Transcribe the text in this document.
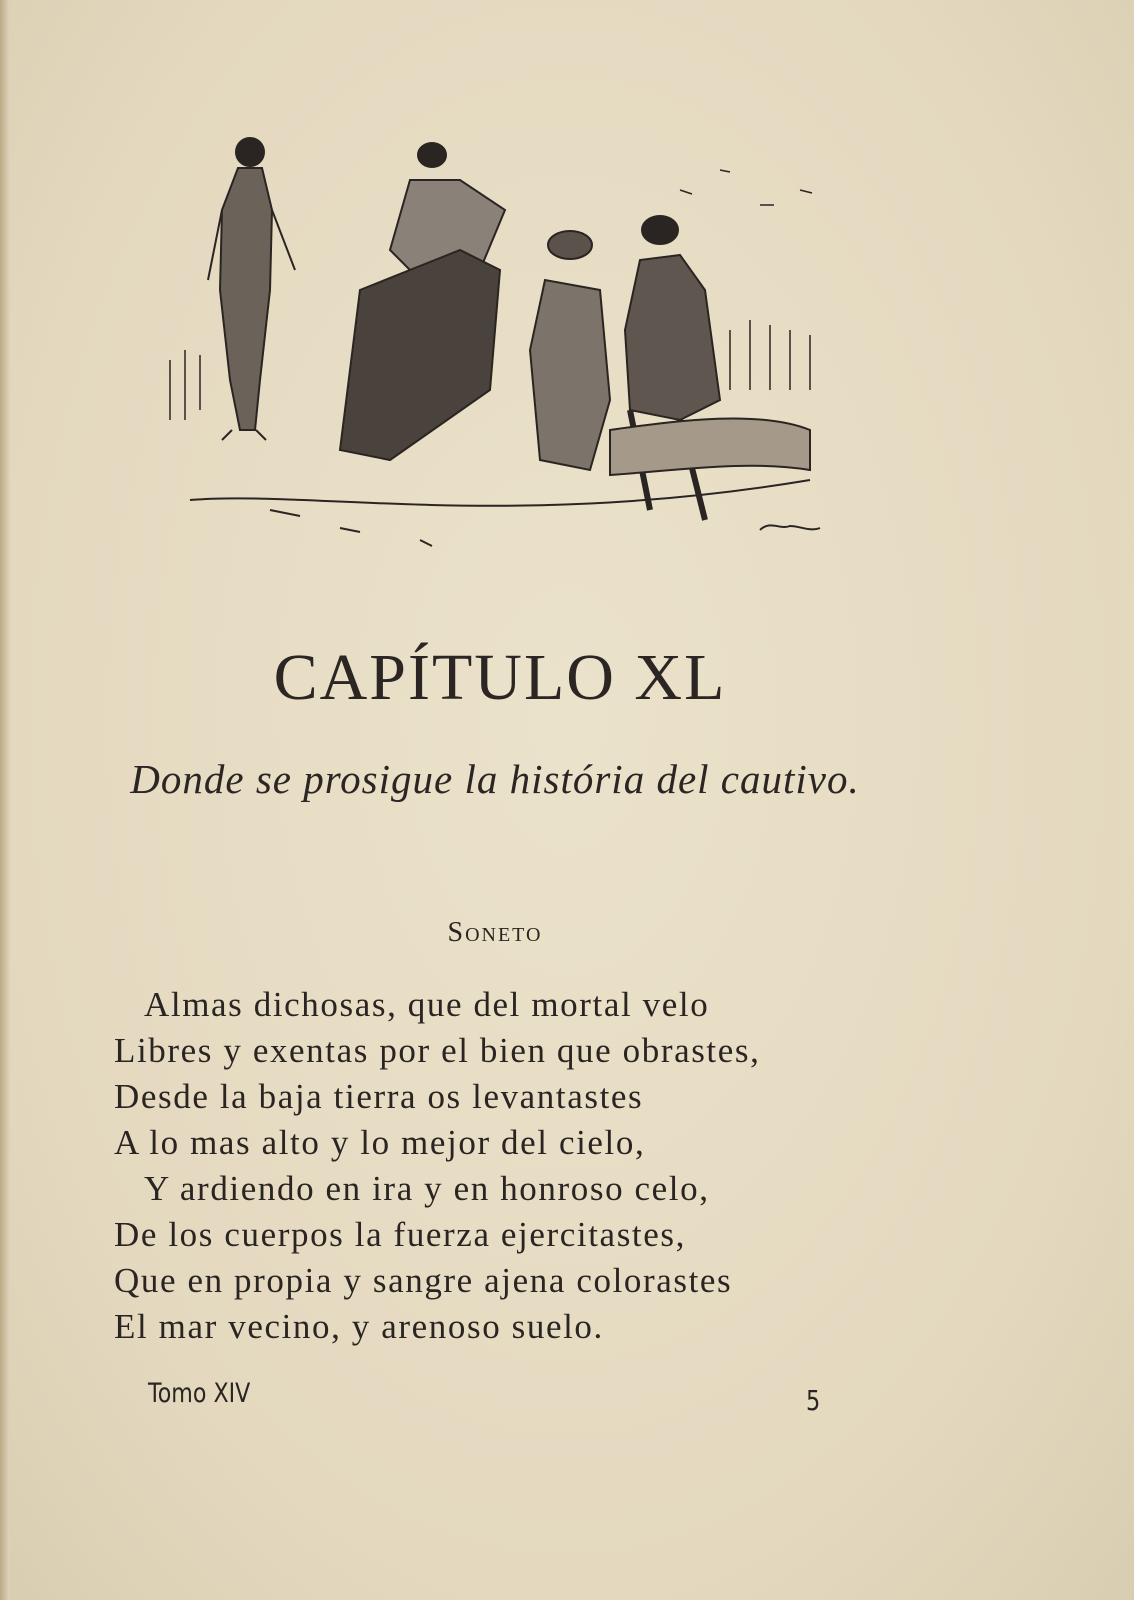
CAPÍTULO XL
Donde se prosigue la história del cautivo.
Soneto
Almas dichosas, que del mortal velo
Libres y exentas por el bien que obrastes,
Desde la baja tierra os levantastes
A lo mas alto y lo mejor del cielo,
Y ardiendo en ira y en honroso celo,
De los cuerpos la fuerza ejercitastes,
Que en propia y sangre ajena colorastes
El mar vecino, y arenoso suelo.
Tomo XIV	5
